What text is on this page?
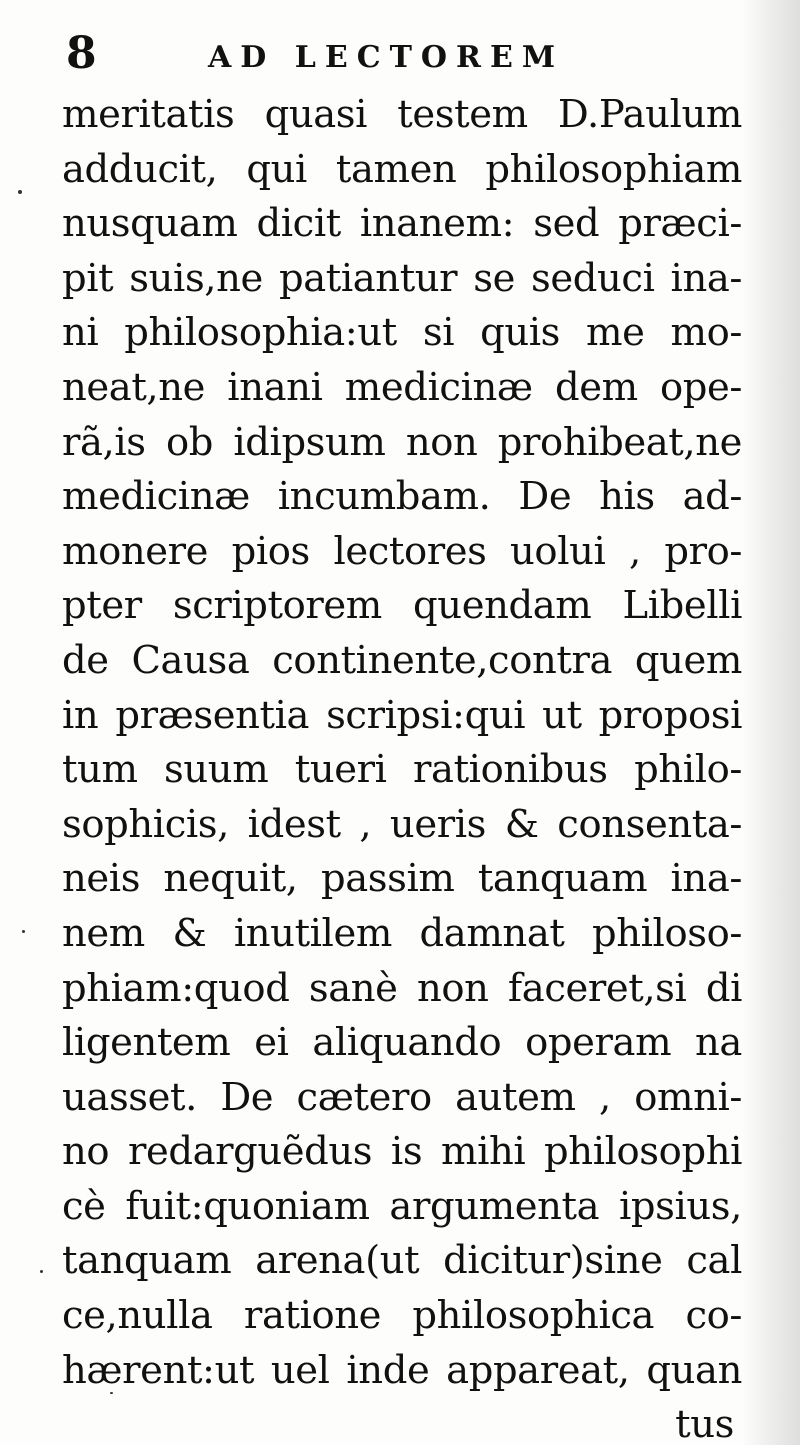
8	AD LECTOREM
meritatis quasi testem D.Paulum
adducit, qui tamen philosophiam
nusquam dicit inanem: sed præci-
pit suis,ne patiantur se seduci ina-
ni philosophia:ut si quis me mo-
neat,ne inani medicinæ dem ope-
rã,is ob idipsum non prohibeat,ne
medicinæ incumbam. De his ad-
monere pios lectores uolui , pro-
pter scriptorem quendam Libelli
de Causa continente,contra quem
in præsentia scripsi:qui ut proposi
tum suum tueri rationibus philo-
sophicis, idest , ueris & consenta-
neis nequit, passim tanquam ina-
nem & inutilem damnat philoso-
phiam:quod sanè non faceret,si di
ligentem ei aliquando operam na
uasset. De cætero autem , omni-
no redarguẽdus is mihi philosophi
cè fuit:quoniam argumenta ipsius,
tanquam arena(ut dicitur)sine cal
ce,nulla ratione philosophica co-
hærent:ut uel inde appareat, quan
tus
